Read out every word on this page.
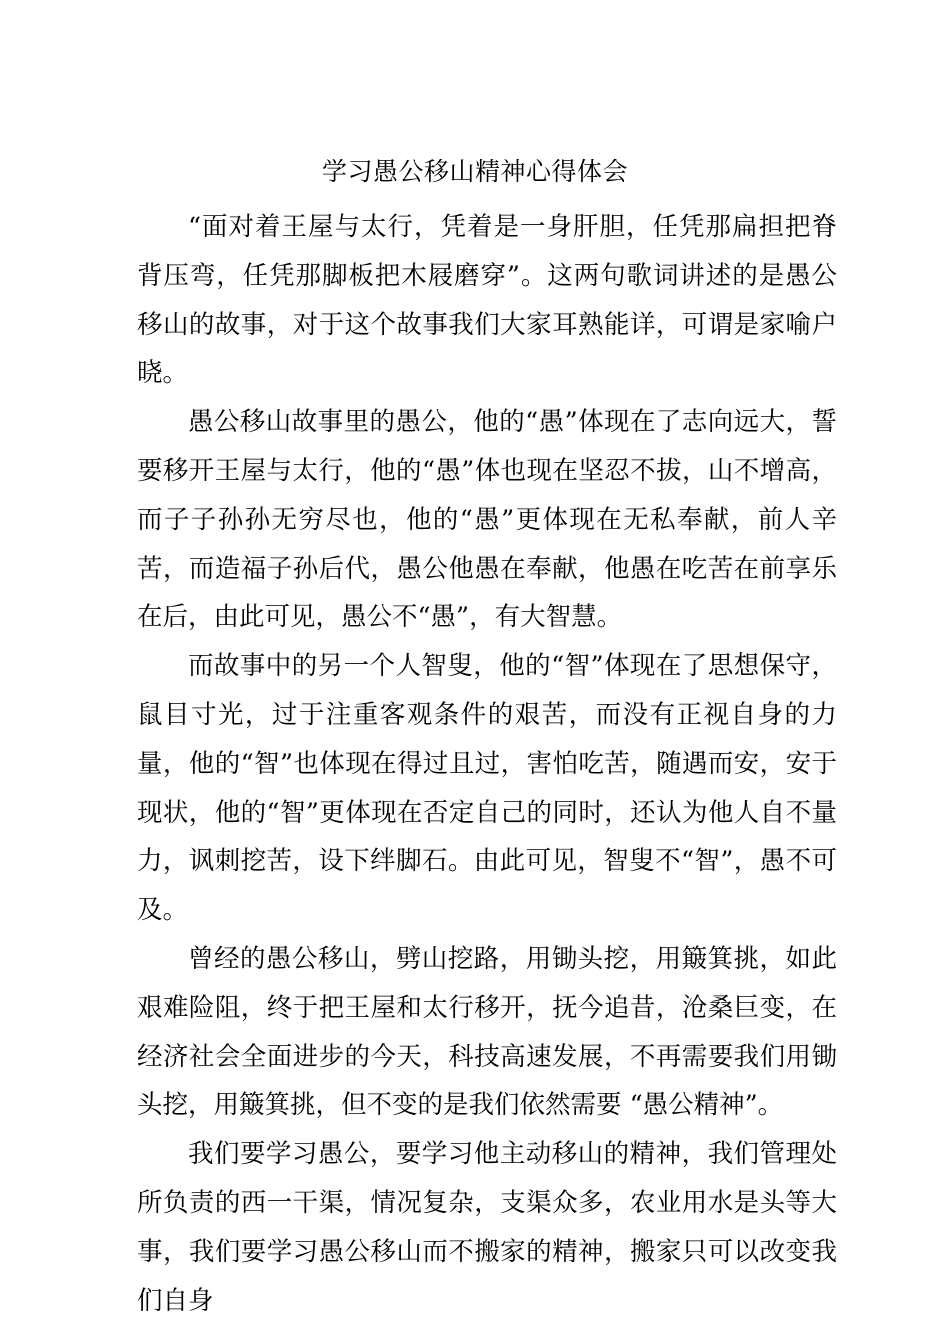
学习愚公移山精神心得体会

“面对着王屋与太行，凭着是一身肝胆，任凭那扁担把脊背压弯，任凭那脚板把木屐磨穿”。这两句歌词讲述的是愚公移山的故事，对于这个故事我们大家耳熟能详，可谓是家喻户晓。

愚公移山故事里的愚公，他的“愚”体现在了志向远大，誓要移开王屋与太行，他的“愚”体也现在坚忍不拔，山不增高，而子子孙孙无穷尽也，他的“愚”更体现在无私奉献，前人辛苦，而造福子孙后代，愚公他愚在奉献，他愚在吃苦在前享乐在后，由此可见，愚公不“愚”，有大智慧。

而故事中的另一个人智叟，他的“智”体现在了思想保守，鼠目寸光，过于注重客观条件的艰苦，而没有正视自身的力量，他的“智”也体现在得过且过，害怕吃苦，随遇而安，安于现状，他的“智”更体现在否定自己的同时，还认为他人自不量力，讽刺挖苦，设下绊脚石。由此可见，智叟不“智”，愚不可及。

曾经的愚公移山，劈山挖路，用锄头挖，用簸箕挑，如此艰难险阻，终于把王屋和太行移开，抚今追昔，沧桑巨变，在经济社会全面进步的今天，科技高速发展，不再需要我们用锄头挖，用簸箕挑，但不变的是我们依然需要 “愚公精神”。

我们要学习愚公，要学习他主动移山的精神，我们管理处所负责的西一干渠，情况复杂，支渠众多，农业用水是头等大事，我们要学习愚公移山而不搬家的精神，搬家只可以改变我们自身
